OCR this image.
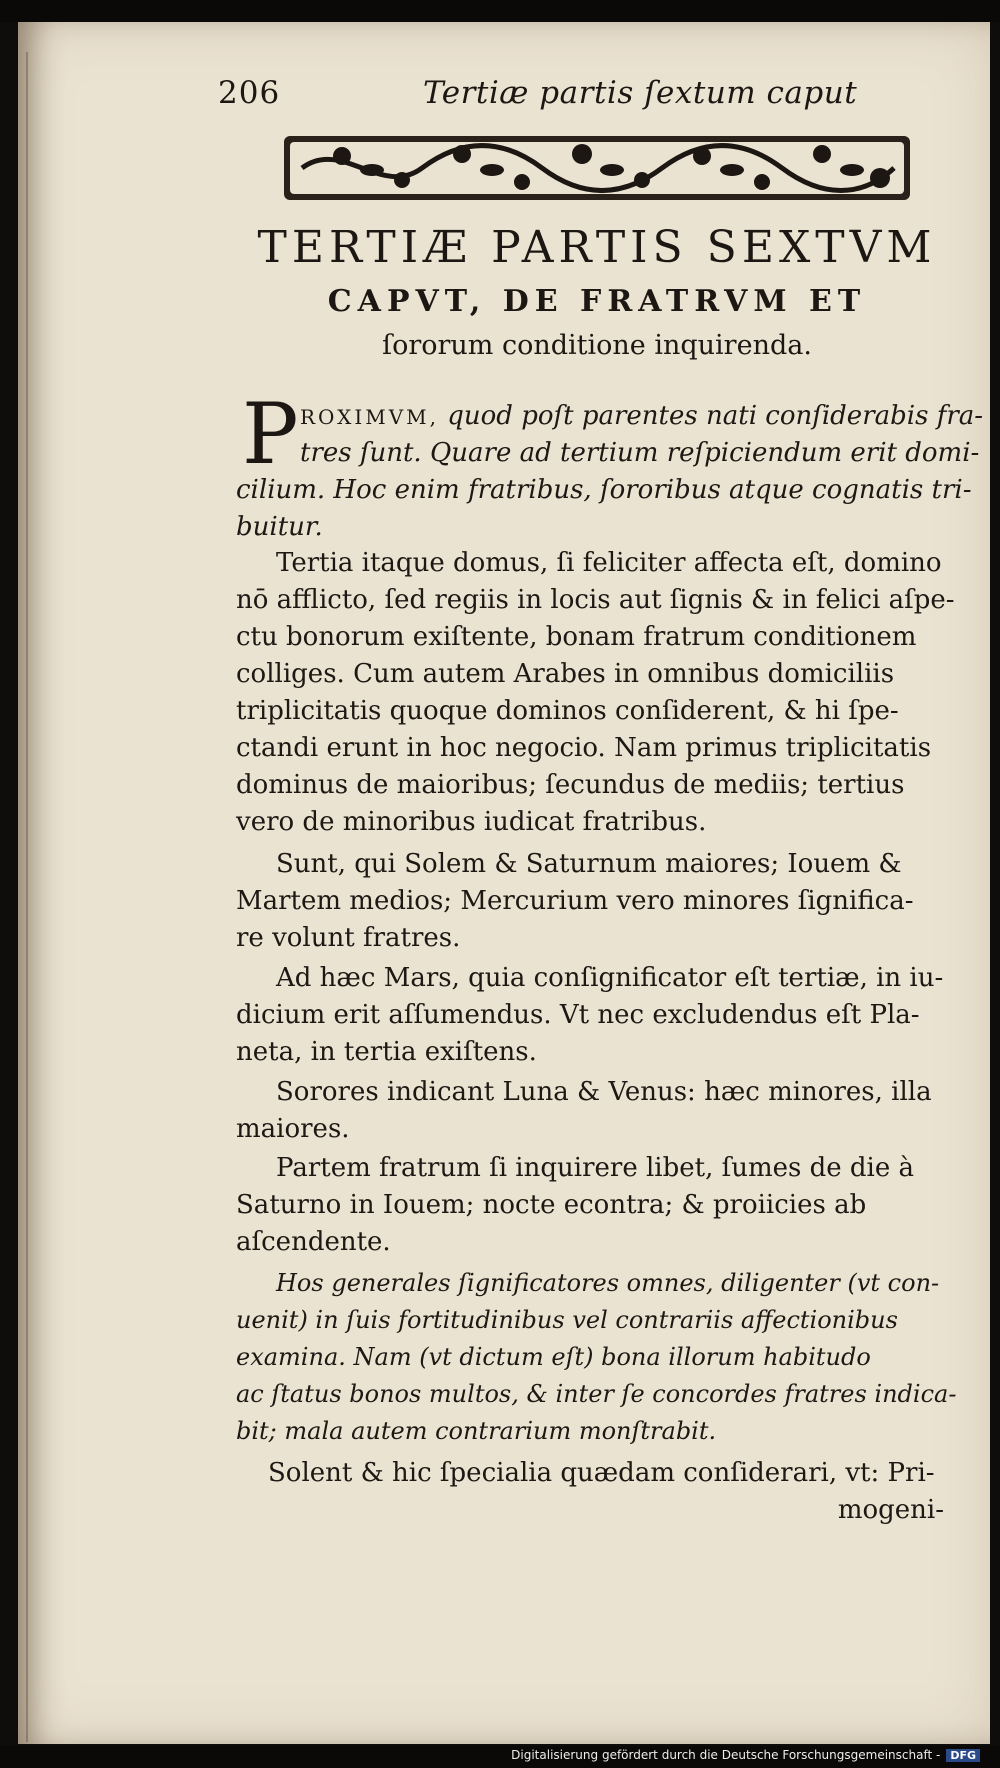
206	Tertiæ partis ſextum caput
TERTIÆ PARTIS SEXTVM
CAPVT, DE FRATRVM ET
ſororum conditione inquirenda.
P ROXIMVM, quod poſt parentes nati conſiderabis fra-
tres ſunt. Quare ad tertium reſpiciendum erit domi-
cilium. Hoc enim fratribus, ſororibus atque cognatis tri-
buitur.
Tertia itaque domus, ſi feliciter affecta eſt, domino
nō afflicto, ſed regiis in locis aut ſignis & in felici aſpe-
ctu bonorum exiſtente, bonam fratrum conditionem
colliges. Cum autem Arabes in omnibus domiciliis
triplicitatis quoque dominos conſiderent, & hi ſpe-
ctandi erunt in hoc negocio. Nam primus triplicitatis
dominus de maioribus; ſecundus de mediis; tertius
vero de minoribus iudicat fratribus.
Sunt, qui Solem & Saturnum maiores; Iouem &
Martem medios; Mercurium vero minores ſignifica-
re volunt fratres.
Ad hæc Mars, quia conſignificator eſt tertiæ, in iu-
dicium erit aſſumendus. Vt nec excludendus eſt Pla-
neta, in tertia exiſtens.
Sorores indicant Luna & Venus: hæc minores, illa
maiores.
Partem fratrum ſi inquirere libet, ſumes de die à
Saturno in Iouem; nocte econtra; & proiicies ab
aſcendente.
Hos generales ſignificatores omnes, diligenter (vt con-
uenit) in ſuis fortitudinibus vel contrariis affectionibus
examina. Nam (vt dictum eſt) bona illorum habitudo
ac ſtatus bonos multos, & inter ſe concordes fratres indica-
bit; mala autem contrarium monſtrabit.
Solent & hic ſpecialia quædam conſiderari, vt: Pri-
mogeni-
Digitalisierung gefördert durch die Deutsche Forschungsgemeinschaft - DFG
